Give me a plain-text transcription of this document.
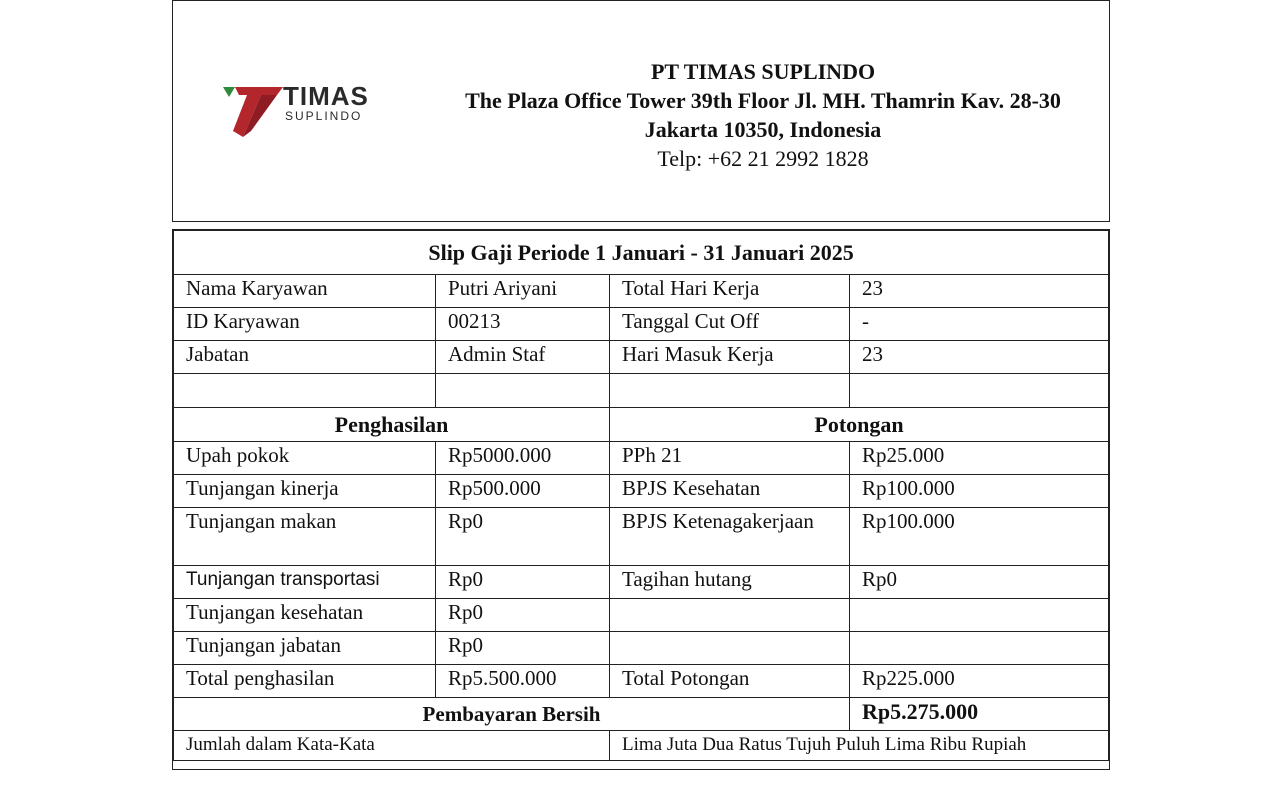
TIMAS
SUPLINDO
PT TIMAS SUPLINDO
The Plaza Office Tower 39th Floor Jl. MH. Thamrin Kav. 28-30
Jakarta 10350, Indonesia
Telp: +62 21 2992 1828
Slip Gaji Periode 1 Januari - 31 Januari 2025			
Nama Karyawan	Putri Ariyani	Total Hari Kerja	23
ID Karyawan	00213	Tanggal Cut Off	-
Jabatan	Admin Staf	Hari Masuk Kerja	23

Penghasilan		Potongan	
Upah pokok	Rp5000.000	PPh 21	Rp25.000
Tunjangan kinerja	Rp500.000	BPJS Kesehatan	Rp100.000
Tunjangan makan	Rp0	BPJS Ketenagakerjaan	Rp100.000
Tunjangan transportasi	Rp0	Tagihan hutang	Rp0
Tunjangan kesehatan	Rp0		
Tunjangan jabatan	Rp0		
Total penghasilan	Rp5.500.000	Total Potongan	Rp225.000
Pembayaran Bersih			Rp5.275.000
Jumlah dalam Kata-Kata		Lima Juta Dua Ratus Tujuh Puluh Lima Ribu Rupiah	
